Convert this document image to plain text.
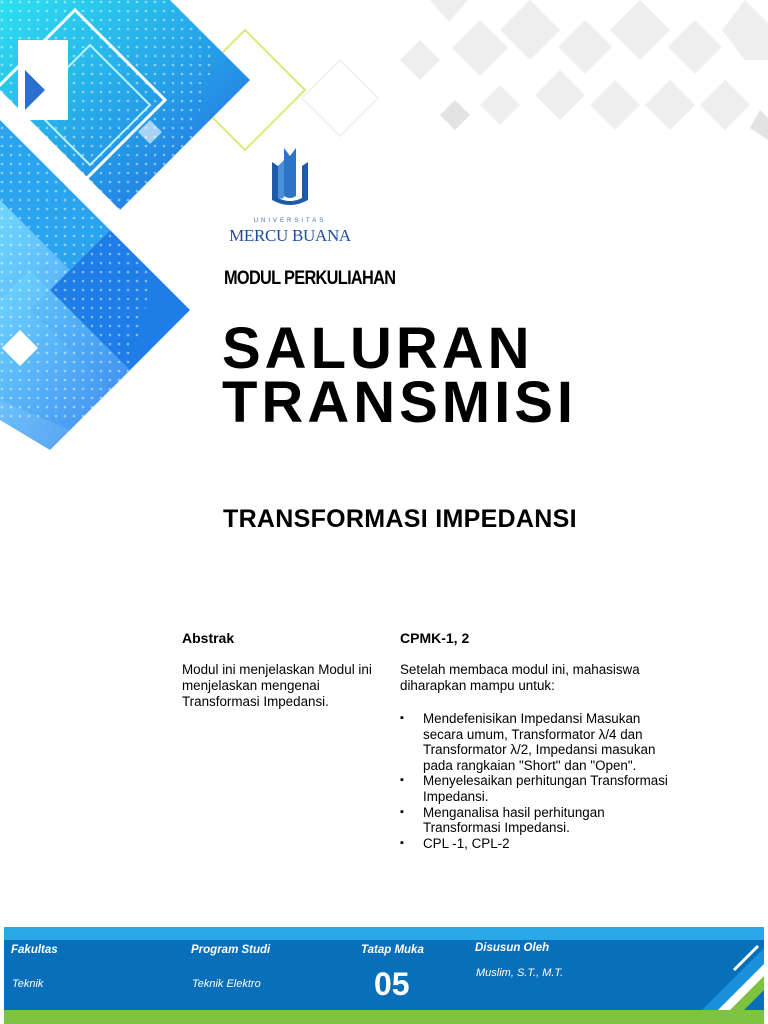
UNIVERSITAS
MERCU BUANA
MODUL PERKULIAHAN
SALURAN
TRANSMISI
TRANSFORMASI IMPEDANSI
Abstrak
Modul ini menjelaskan Modul ini menjelaskan mengenai Transformasi Impedansi.
CPMK-1, 2
Setelah membaca modul ini, mahasiswa diharapkan mampu untuk:
▪ Mendefenisikan Impedansi Masukan secara umum, Transformator λ/4 dan Transformator λ/2, Impedansi masukan pada rangkaian "Short" dan "Open".
▪ Menyelesaikan perhitungan Transformasi Impedansi.
▪ Menganalisa hasil perhitungan Transformasi Impedansi.
▪ CPL -1, CPL-2
Fakultas
Teknik
Program Studi
Teknik Elektro
Tatap Muka
05
Disusun Oleh
Muslim, S.T., M.T.
